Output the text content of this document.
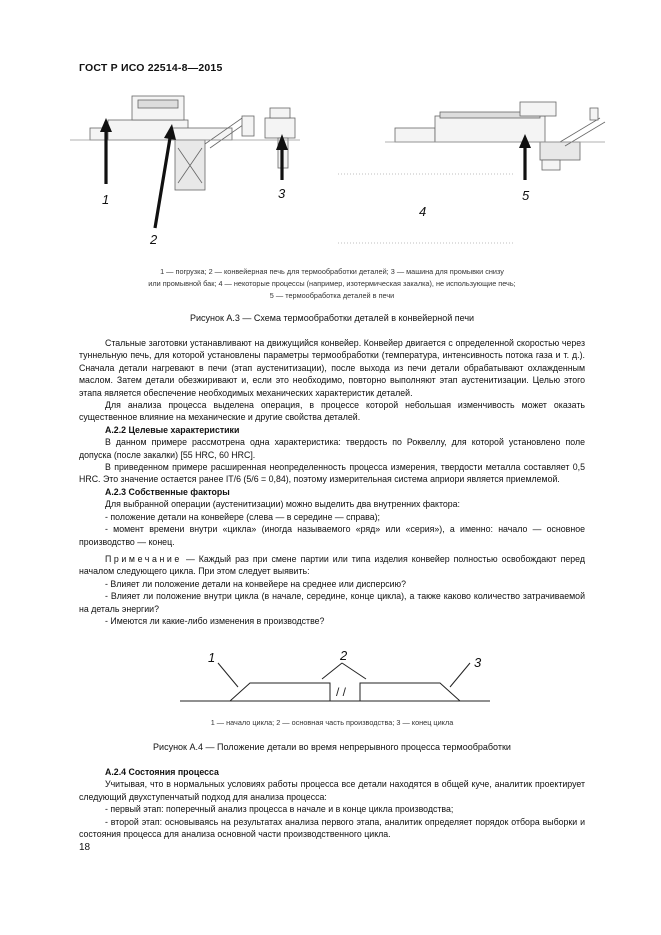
ГОСТ Р ИСО 22514-8—2015
1
2
3
4
5
1 — погрузка; 2 — конвейерная печь для термообработки деталей; 3 — машина для промывки снизу
или промывной бак; 4 — некоторые процессы (например, изотермическая закалка), не использующие печь;
5 — термообработка деталей в печи
Рисунок А.3 — Схема термообработки деталей в конвейерной печи

Стальные заготовки устанавливают на движущийся конвейер. Конвейер двигается с определенной скоростью через туннельную печь, для которой установлены параметры термообработки (температура, интенсивность потока газа и т. д.). Сначала детали нагревают в печи (этап аустенитизации), после выхода из печи детали обрабатывают охлажденным маслом. Затем детали обезжиривают и, если это необходимо, повторно выполняют этап аустенитизации. Целью этого этапа является обеспечение необходимых механических характеристик деталей.

Для анализа процесса выделена операция, в процессе которой небольшая изменчивость может оказать существенное влияние на механические и другие свойства деталей.

А.2.2 Целевые характеристики

В данном примере рассмотрена одна характеристика: твердость по Роквеллу, для которой установлено поле допуска (после закалки) [55 HRC, 60 HRC].

В приведенном примере расширенная неопределенность процесса измерения, твердости металла составляет 0,5 HRC. Это значение остается ранее IT/6 (5/6 = 0,84), поэтому измерительная система априори является приемлемой.

А.2.3 Собственные факторы

Для выбранной операции (аустенитизации) можно выделить два внутренних фактора:

- положение детали на конвейере (слева — в середине — справа);

- момент времени внутри «цикла» (иногда называемого «ряд» или «серия»), а именно: начало — основное производство — конец.

Примечание — Каждый раз при смене партии или типа изделия конвейер полностью освобождают перед началом следующего цикла. При этом следует выявить:

- Влияет ли положение детали на конвейере на среднее или дисперсию?

- Влияет ли положение внутри цикла (в начале, середине, конце цикла), а также каково количество затрачиваемой на деталь энергии?

- Имеются ли какие-либо изменения в производстве?

1	2	3
/ /
1 — начало цикла; 2 — основная часть производства; 3 — конец цикла
Рисунок А.4 — Положение детали во время непрерывного процесса термообработки
А.2.4 Состояния процесса

Учитывая, что в нормальных условиях работы процесса все детали находятся в общей куче, аналитик проектирует следующий двухступенчатый подход для анализа процесса:

- первый этап: поперечный анализ процесса в начале и в конце цикла производства;

- второй этап: основываясь на результатах анализа первого этапа, аналитик определяет порядок отбора выборки и состояния процесса для анализа основной части производственного цикла.

18
